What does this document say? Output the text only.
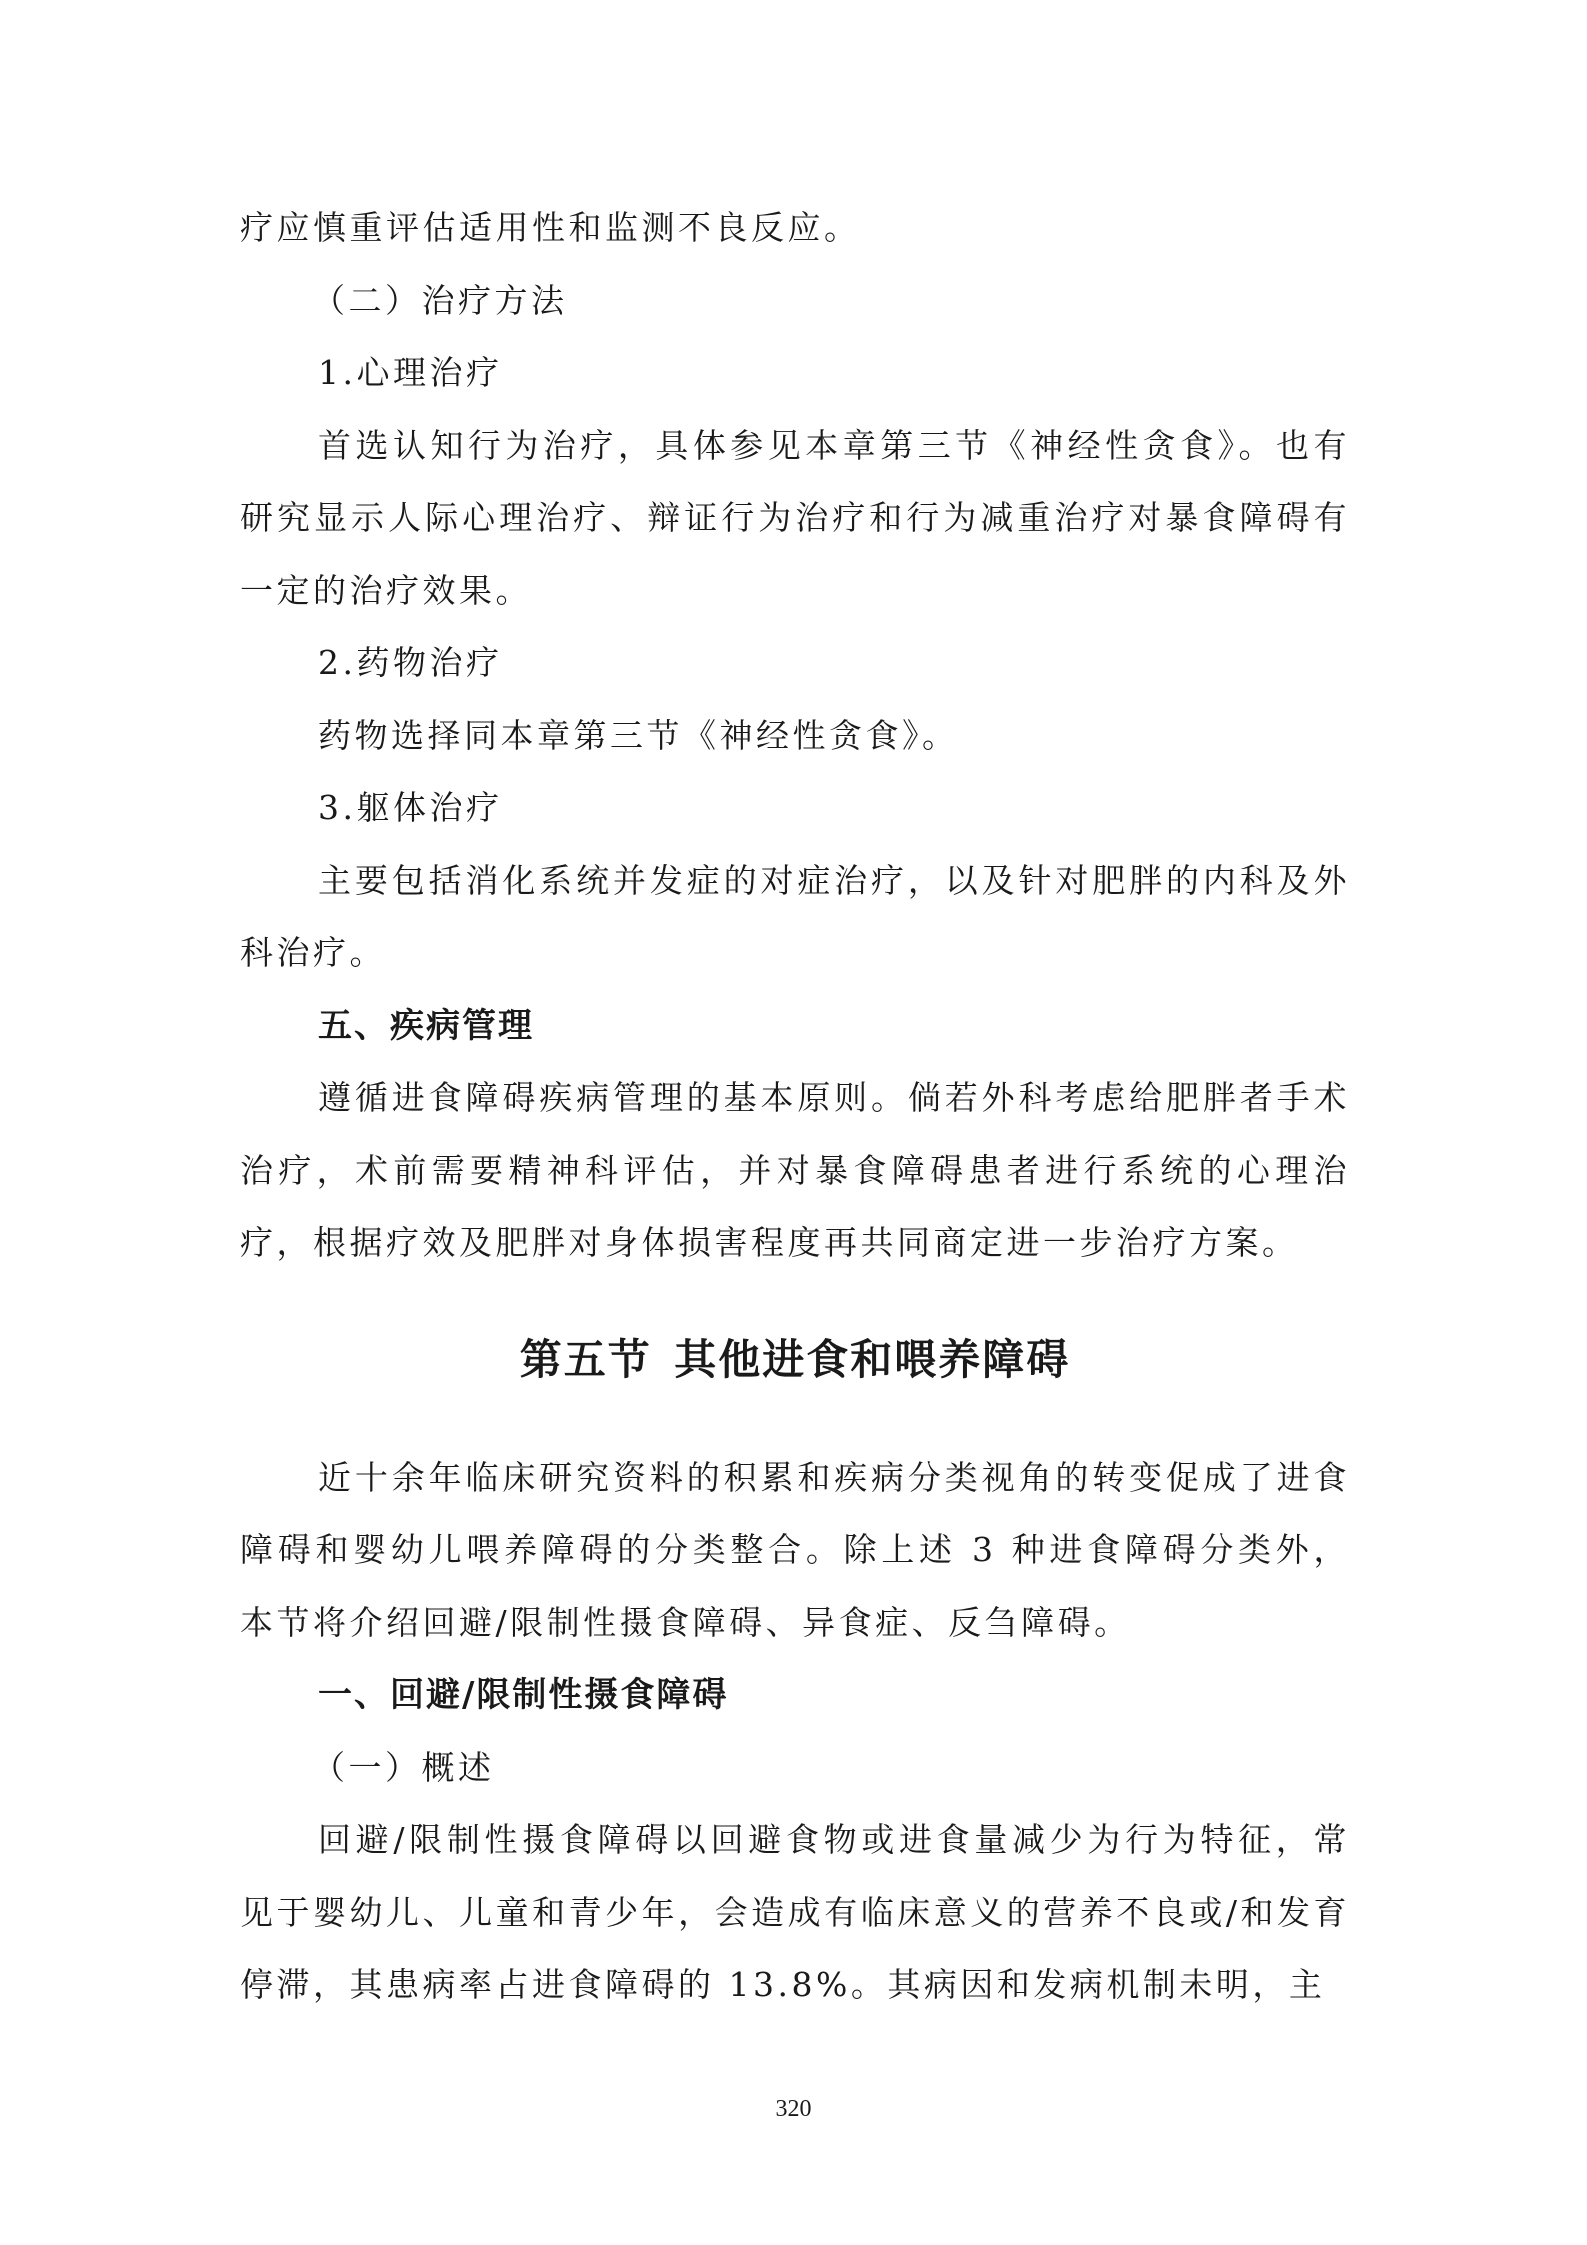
疗应慎重评估适用性和监测不良反应。

（二）治疗方法
1.心理治疗

首选认知行为治疗，具体参见本章第三节《神经性贪食》。也有研究显示人际心理治疗、辩证行为治疗和行为减重治疗对暴食障碍有一定的治疗效果。

2.药物治疗

药物选择同本章第三节《神经性贪食》。

3.躯体治疗

主要包括消化系统并发症的对症治疗，以及针对肥胖的内科及外科治疗。

五、疾病管理

遵循进食障碍疾病管理的基本原则。倘若外科考虑给肥胖者手术治疗，术前需要精神科评估，并对暴食障碍患者进行系统的心理治疗，根据疗效及肥胖对身体损害程度再共同商定进一步治疗方案。

第五节 其他进食和喂养障碍

近十余年临床研究资料的积累和疾病分类视角的转变促成了进食障碍和婴幼儿喂养障碍的分类整合。除上述 3 种进食障碍分类外，本节将介绍回避/限制性摄食障碍、异食症、反刍障碍。

一、回避/限制性摄食障碍
（一）概述

回避/限制性摄食障碍以回避食物或进食量减少为行为特征，常见于婴幼儿、儿童和青少年，会造成有临床意义的营养不良或/和发育停滞，其患病率占进食障碍的 13.8%。其病因和发病机制未明，主

320
